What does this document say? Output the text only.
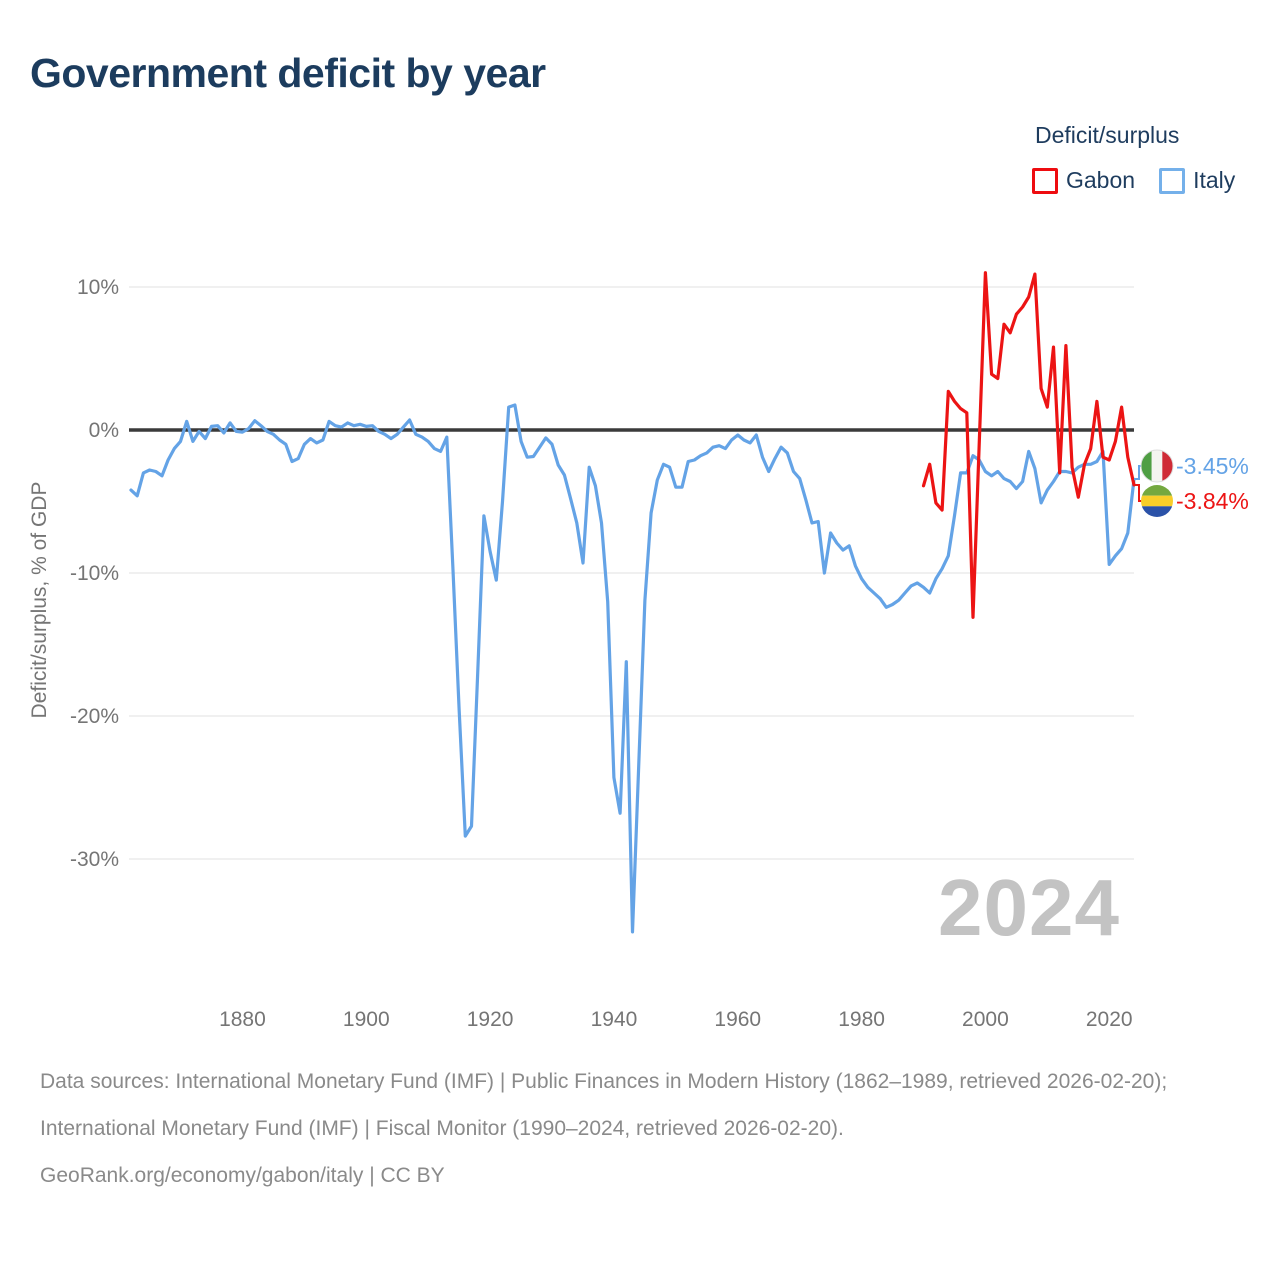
Government deficit by year
Deficit/surplus
Gabon	Italy
10%
0%
-10%
-20%
-30%
1880	1900	1920	1940	1960	1980	2000	2020
Deficit/surplus, % of GDP
-3.45%
-3.84%
2024
Data sources: International Monetary Fund (IMF) | Public Finances in Modern History (1862–1989, retrieved 2026-02-20); International Monetary Fund (IMF) | Fiscal Monitor (1990–2024, retrieved 2026-02-20).
GeoRank.org/economy/gabon/italy | CC BY
